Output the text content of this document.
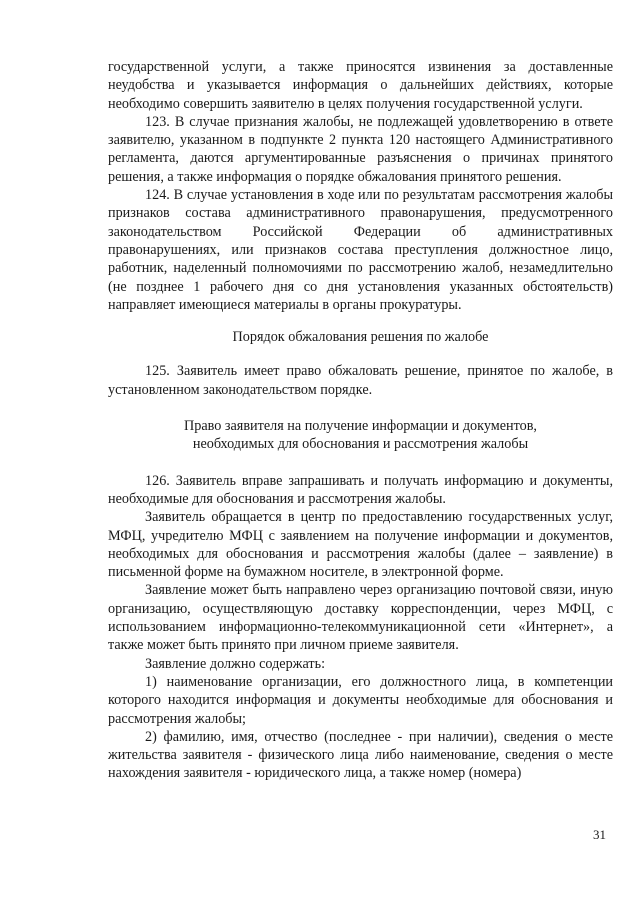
государственной услуги, а также приносятся извинения за доставленные неудобства и указывается информация о дальнейших действиях, которые необходимо совершить заявителю в целях получения государственной услуги.

123. В случае признания жалобы, не подлежащей удовлетворению в ответе заявителю, указанном в подпункте 2 пункта 120 настоящего Административного регламента, даются аргументированные разъяснения о причинах принятого решения, а также информация о порядке обжалования принятого решения.

124. В случае установления в ходе или по результатам рассмотрения жалобы признаков состава административного правонарушения, предусмотренного законодательством Российской Федерации об административных правонарушениях, или признаков состава преступления должностное лицо, работник, наделенный полномочиями по рассмотрению жалоб, незамедлительно (не позднее 1 рабочего дня со дня установления указанных обстоятельств) направляет имеющиеся материалы в органы прокуратуры.

Порядок обжалования решения по жалобе

125. Заявитель имеет право обжаловать решение, принятое по жалобе, в установленном законодательством порядке.

Право заявителя на получение информации и документов,
необходимых для обоснования и рассмотрения жалобы

126. Заявитель вправе запрашивать и получать информацию и документы, необходимые для обоснования и рассмотрения жалобы.

Заявитель обращается в центр по предоставлению государственных услуг, МФЦ, учредителю МФЦ с заявлением на получение информации и документов, необходимых для обоснования и рассмотрения жалобы (далее – заявление) в письменной форме на бумажном носителе, в электронной форме.

Заявление может быть направлено через организацию почтовой связи, иную организацию, осуществляющую доставку корреспонденции, через МФЦ, с использованием информационно-телекоммуникационной сети «Интернет», а также может быть принято при личном приеме заявителя.

Заявление должно содержать:

1) наименование организации, его должностного лица, в компетенции которого находится информация и документы необходимые для обоснования и рассмотрения жалобы;

2) фамилию, имя, отчество (последнее - при наличии), сведения о месте жительства заявителя - физического лица либо наименование, сведения о месте нахождения заявителя - юридического лица, а также номер (номера)

31
